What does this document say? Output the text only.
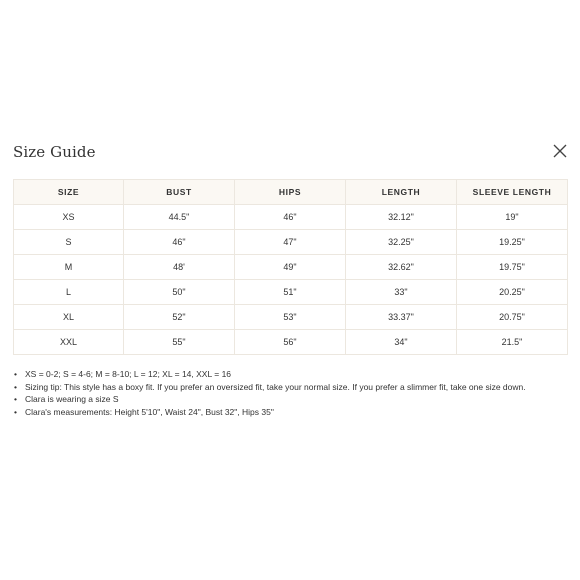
Size Guide
SIZE	BUST	HIPS	LENGTH	SLEEVE LENGTH
XS	44.5"	46"	32.12"	19"
S	46"	47"	32.25"	19.25"
M	48'	49"	32.62"	19.75"
L	50"	51"	33"	20.25"
XL	52"	53"	33.37"	20.75"
XXL	55"	56"	34"	21.5"
• XS = 0-2; S = 4-6; M = 8-10; L = 12; XL = 14, XXL = 16
• Sizing tip: This style has a boxy fit. If you prefer an oversized fit, take your normal size. If you prefer a slimmer fit, take one size down.
• Clara is wearing a size S
• Clara's measurements: Height 5'10", Waist 24", Bust 32", Hips 35"
